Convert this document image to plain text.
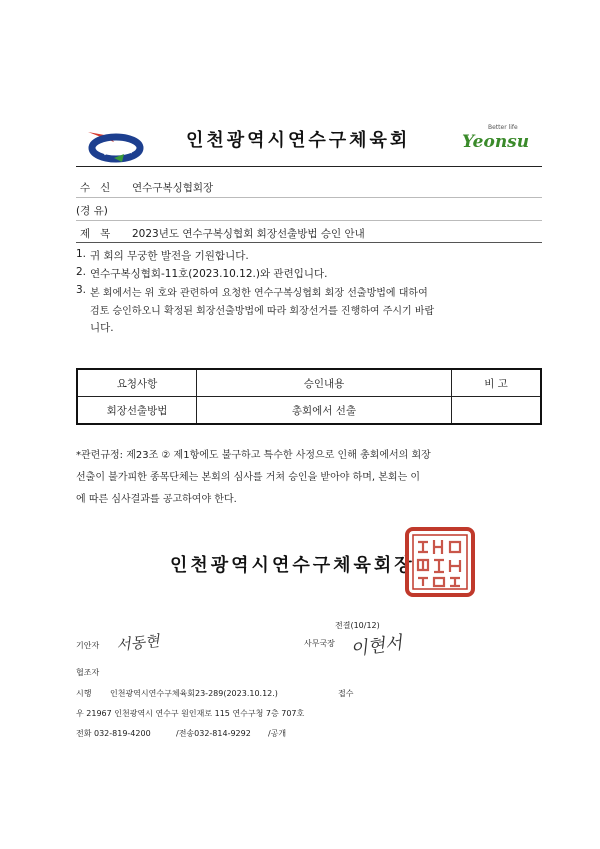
인천광역시연수구체육회
Better life
Yeonsu
수   신 연수구복싱협회장
(경 유)
제   목 2023년도 연수구복싱협회 회장선출방법 승인 안내
1. 귀 회의 무궁한 발전을 기원합니다.
2. 연수구복싱협회-11호(2023.10.12.)와 관련입니다.
3. 본 회에서는 위 호와 관련하여 요청한 연수구복싱협회 회장 선출방법에 대하여
검토 승인하오니 확정된 회장선출방법에 따라 회장선거를 진행하여 주시기 바랍
니다.
요청사항	승인내용	비 고
회장선출방법	총회에서 선출	
*관련규정: 제23조 ② 제1항에도 불구하고 특수한 사정으로 인해 총회에서의 회장
선출이 불가피한 종목단체는 본회의 심사를 거쳐 승인을 받아야 하며, 본회는 이
에 따른 심사결과를 공고하여야 한다.
인천광역시연수구체육회장
전결(10/12)
기안자 서동현	사무국장 이현서
협조자
시행 인천광역시연수구체육회23-289(2023.10.12.)	접수
우 21967 인천광역시 연수구 원인재로 115 연수구청 7층 707호
전화 032-819-4200	/전송032-814-9292 /공개
